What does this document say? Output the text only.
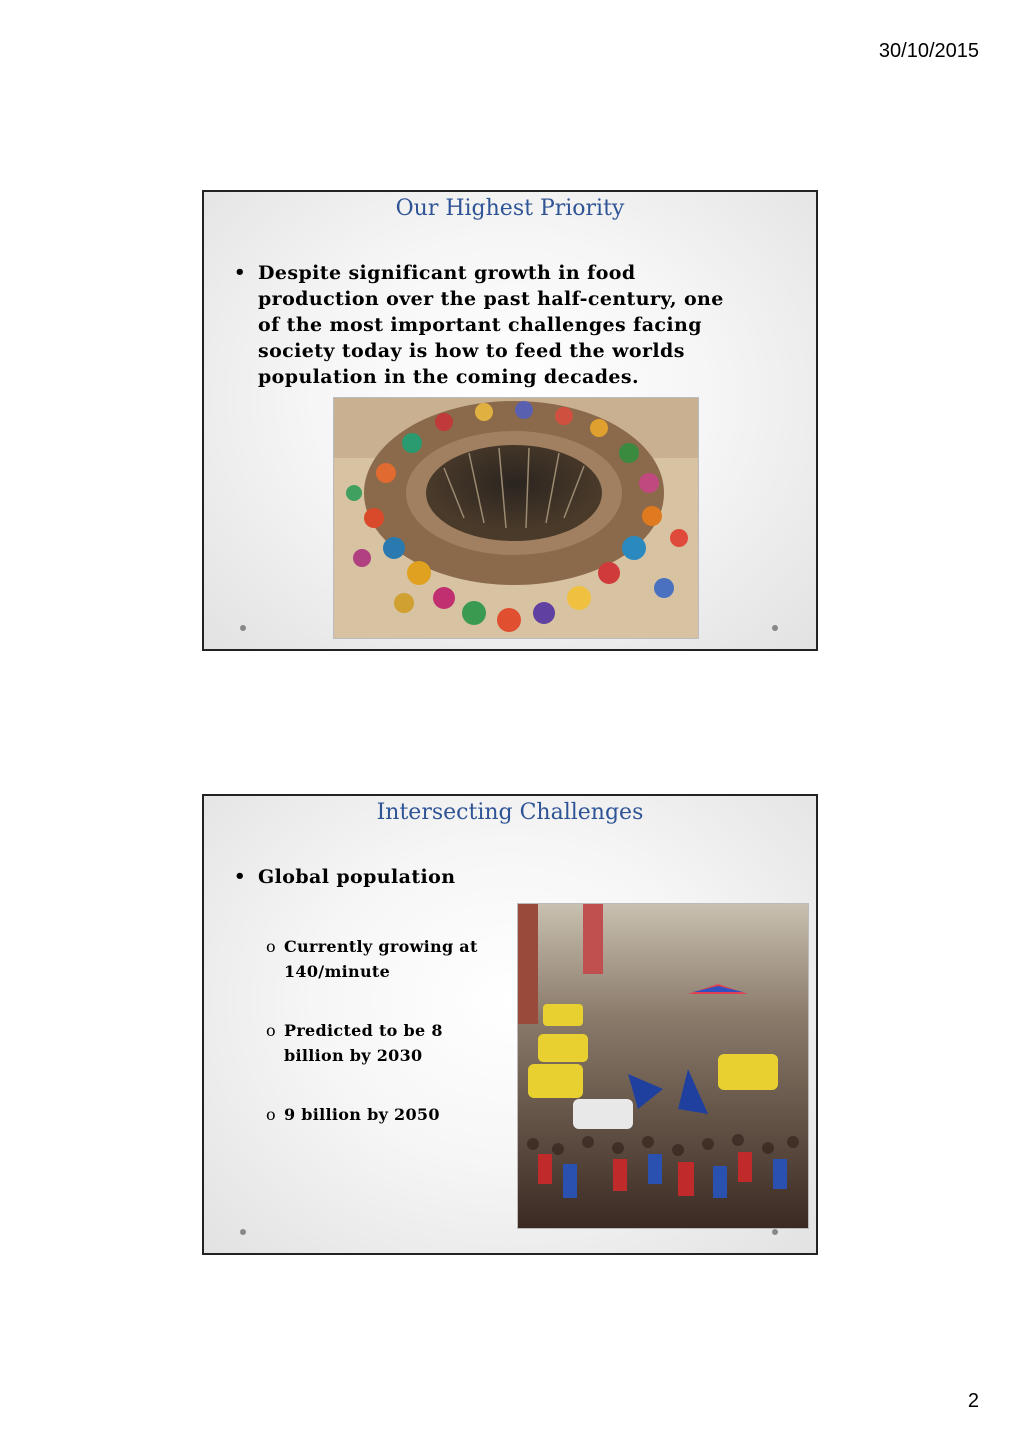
30/10/2015
Our Highest Priority
• Despite significant growth in food production over the past half-century, one of the most important challenges facing society today is how to feed the worlds population in the coming decades.
Intersecting Challenges
• Global population
o Currently growing at 140/minute
o Predicted to be 8 billion by 2030
o 9 billion by 2050
2
